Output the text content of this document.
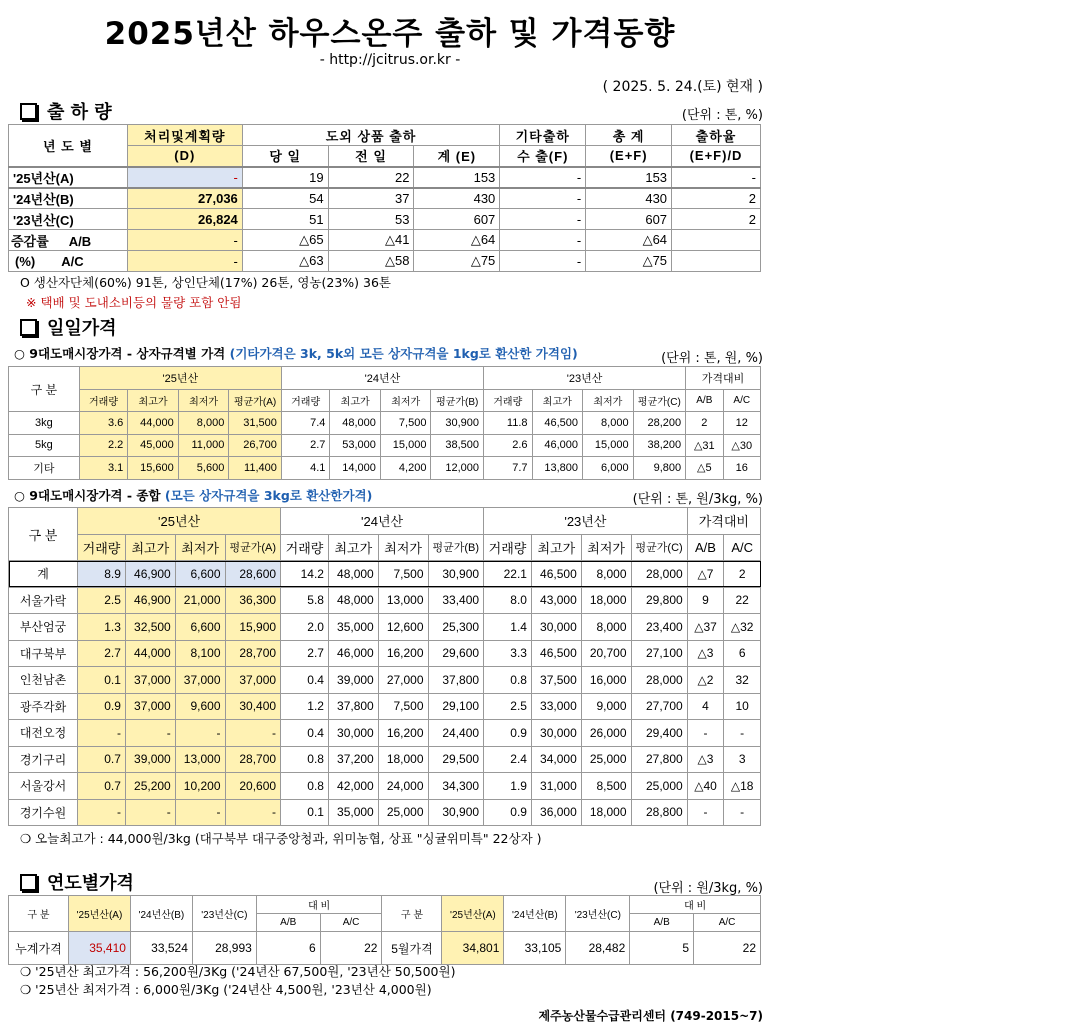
2025년산 하우스온주 출하 및 가격동향
- http://jcitrus.or.kr -
( 2025. 5. 24.(토) 현재 )
출 하 량	(단위 : 톤, %)
년 도 별	처리및계획량	도외 상품 출하			기타출하	총 계	출하율
	(D)	당 일	전 일	계 (E)	수 출(F)	(E+F)	(E+F)/D
'25년산(A)	-	19	22	153	-	153	-
'24년산(B)	27,036	54	37	430	-	430	2
'23년산(C)	26,824	51	53	607	-	607	2
증감률 A/B	-	△65	△41	△64	-	△64	
(%) A/C	-	△63	△58	△75	-	△75	
O 생산자단체(60%) 91톤, 상인단체(17%) 26톤, 영농(23%) 36톤
※ 택배 및 도내소비등의 물량 포함 안됨
일일가격
○ 9대도매시장가격 - 상자규격별 가격 (기타가격은 3k, 5k외 모든 상자규격을 1kg로 환산한 가격임)	(단위 : 톤, 원, %)
구 분	'25년산				'24년산				'23년산				가격대비	
	거래량	최고가	최저가	평균가(A)	거래량	최고가	최저가	평균가(B)	거래량	최고가	최저가	평균가(C)	A/B	A/C
3kg	3.6	44,000	8,000	31,500	7.4	48,000	7,500	30,900	11.8	46,500	8,000	28,200	2	12
5kg	2.2	45,000	11,000	26,700	2.7	53,000	15,000	38,500	2.6	46,000	15,000	38,200	△31	△30
기타	3.1	15,600	5,600	11,400	4.1	14,000	4,200	12,000	7.7	13,800	6,000	9,800	△5	16
○ 9대도매시장가격 - 종합 (모든 상자규격을 3kg로 환산한가격)	(단위 : 톤, 원/3kg, %)
구 분	'25년산				'24년산				'23년산				가격대비	
	거래량	최고가	최저가	평균가(A)	거래량	최고가	최저가	평균가(B)	거래량	최고가	최저가	평균가(C)	A/B	A/C
계	8.9	46,900	6,600	28,600	14.2	48,000	7,500	30,900	22.1	46,500	8,000	28,000	△7	2
서울가락	2.5	46,900	21,000	36,300	5.8	48,000	13,000	33,400	8.0	43,000	18,000	29,800	9	22
부산엄궁	1.3	32,500	6,600	15,900	2.0	35,000	12,600	25,300	1.4	30,000	8,000	23,400	△37	△32
대구북부	2.7	44,000	8,100	28,700	2.7	46,000	16,200	29,600	3.3	46,500	20,700	27,100	△3	6
인천남촌	0.1	37,000	37,000	37,000	0.4	39,000	27,000	37,800	0.8	37,500	16,000	28,000	△2	32
광주각화	0.9	37,000	9,600	30,400	1.2	37,800	7,500	29,100	2.5	33,000	9,000	27,700	4	10
대전오정	-	-	-	-	0.4	30,000	16,200	24,400	0.9	30,000	26,000	29,400	-	-
경기구리	0.7	39,000	13,000	28,700	0.8	37,200	18,000	29,500	2.4	34,000	25,000	27,800	△3	3
서울강서	0.7	25,200	10,200	20,600	0.8	42,000	24,000	34,300	1.9	31,000	8,500	25,000	△40	△18
경기수원	-	-	-	-	0.1	35,000	25,000	30,900	0.9	36,000	18,000	28,800	-	-
❍ 오늘최고가 : 44,000원/3kg (대구북부 대구중앙청과, 위미농협, 상표 "싱귤위미특" 22상자 )
연도별가격	(단위 : 원/3kg, %)
구 분	'25년산(A)	'24년산(B)	'23년산(C)	대 비		구 분	'25년산(A)	'24년산(B)	'23년산(C)	대 비	
				A/B	A/C					A/B	A/C
누계가격	35,410	33,524	28,993	6	22	5월가격	34,801	33,105	28,482	5	22
❍ '25년산 최고가격 : 56,200원/3Kg ('24년산 67,500원, '23년산 50,500원)
❍ '25년산 최저가격 : 6,000원/3Kg ('24년산 4,500원, '23년산 4,000원)
제주농산물수급관리센터 (749-2015~7)
